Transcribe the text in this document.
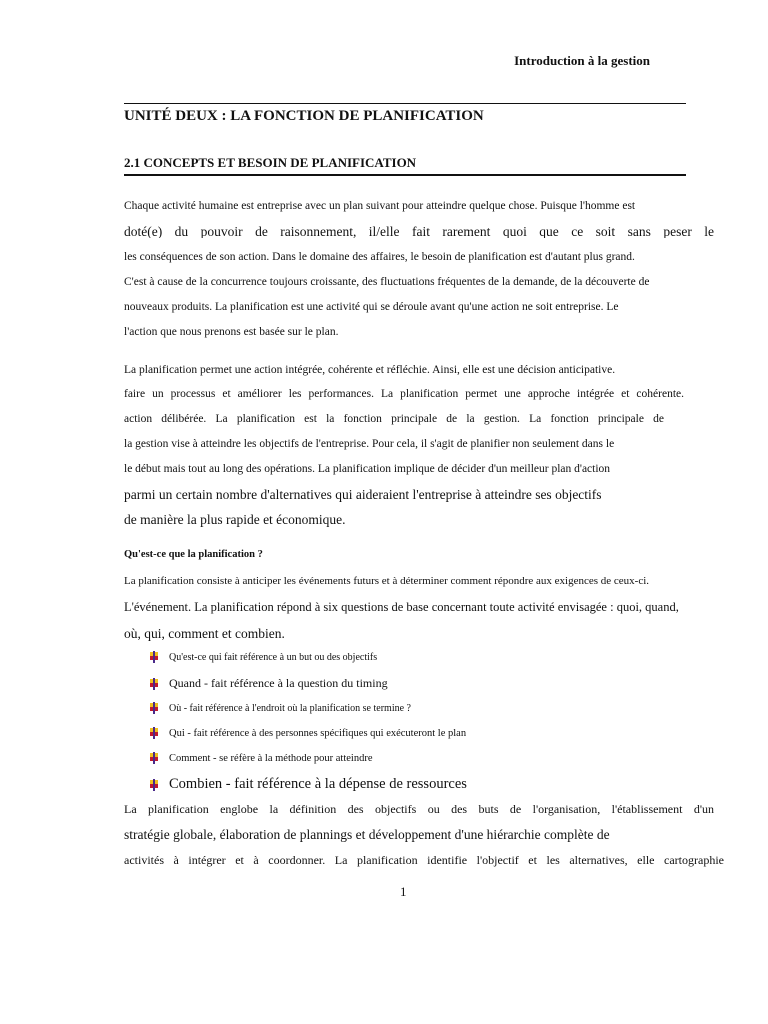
Introduction à la gestion
UNITÉ DEUX : LA FONCTION DE PLANIFICATION
2.1 CONCEPTS ET BESOIN DE PLANIFICATION
Chaque activité humaine est entreprise avec un plan suivant pour atteindre quelque chose. Puisque l'homme est
doté(e) du pouvoir de raisonnement, il/elle fait rarement quoi que ce soit sans peser le
les conséquences de son action. Dans le domaine des affaires, le besoin de planification est d'autant plus grand.
C'est à cause de la concurrence toujours croissante, des fluctuations fréquentes de la demande, de la découverte de
nouveaux produits. La planification est une activité qui se déroule avant qu'une action ne soit entreprise. Le
l'action que nous prenons est basée sur le plan.
La planification permet une action intégrée, cohérente et réfléchie. Ainsi, elle est une décision anticipative.
faire un processus et améliorer les performances. La planification permet une approche intégrée et cohérente.
action délibérée. La planification est la fonction principale de la gestion. La fonction principale de
la gestion vise à atteindre les objectifs de l'entreprise. Pour cela, il s'agit de planifier non seulement dans le
le début mais tout au long des opérations. La planification implique de décider d'un meilleur plan d'action
parmi un certain nombre d'alternatives qui aideraient l'entreprise à atteindre ses objectifs
de manière la plus rapide et économique.
Qu'est-ce que la planification ?
La planification consiste à anticiper les événements futurs et à déterminer comment répondre aux exigences de ceux-ci.
L'événement. La planification répond à six questions de base concernant toute activité envisagée : quoi, quand,
où, qui, comment et combien.
Qu'est-ce qui fait référence à un but ou des objectifs
Quand - fait référence à la question du timing
Où - fait référence à l'endroit où la planification se termine ?
Qui - fait référence à des personnes spécifiques qui exécuteront le plan
Comment - se réfère à la méthode pour atteindre
Combien - fait référence à la dépense de ressources
La planification englobe la définition des objectifs ou des buts de l'organisation, l'établissement d'un
stratégie globale, élaboration de plannings et développement d'une hiérarchie complète de
activités à intégrer et à coordonner. La planification identifie l'objectif et les alternatives, elle cartographie
1
